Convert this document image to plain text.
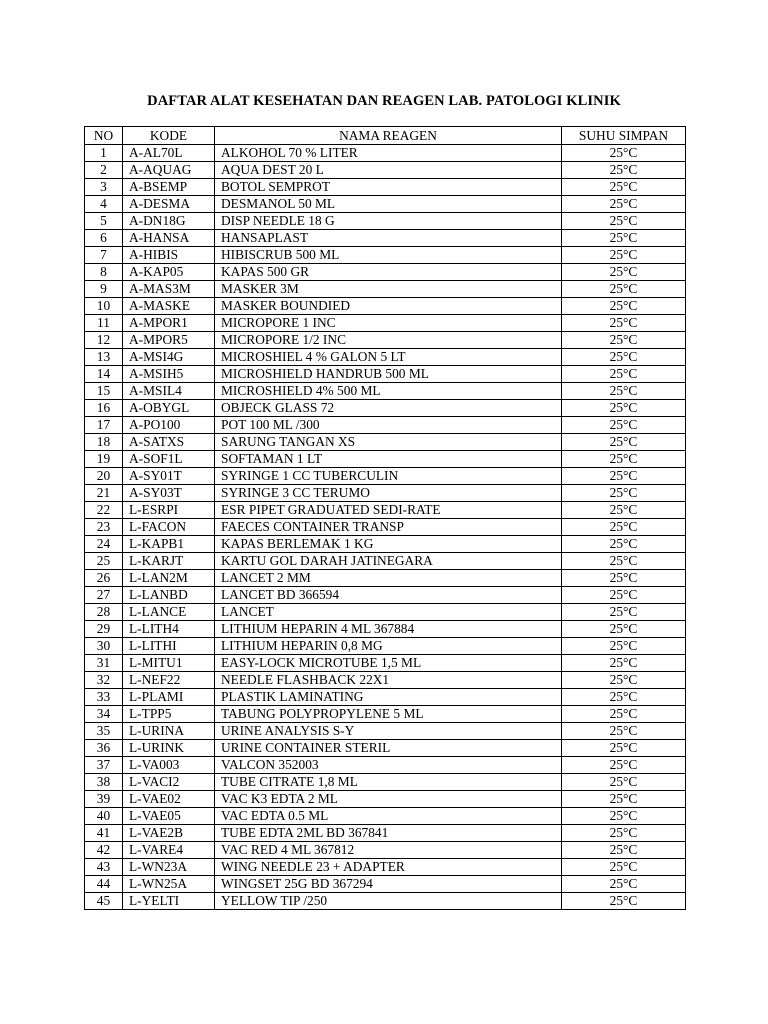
DAFTAR ALAT KESEHATAN DAN REAGEN LAB. PATOLOGI KLINIK
NO	KODE	NAMA REAGEN	SUHU SIMPAN
1	A-AL70L	ALKOHOL 70 % LITER	25°C
2	A-AQUAG	AQUA DEST 20 L	25°C
3	A-BSEMP	BOTOL SEMPROT	25°C
4	A-DESMA	DESMANOL 50 ML	25°C
5	A-DN18G	DISP NEEDLE 18 G	25°C
6	A-HANSA	HANSAPLAST	25°C
7	A-HIBIS	HIBISCRUB 500 ML	25°C
8	A-KAP05	KAPAS 500 GR	25°C
9	A-MAS3M	MASKER 3M	25°C
10	A-MASKE	MASKER BOUNDIED	25°C
11	A-MPOR1	MICROPORE 1 INC	25°C
12	A-MPOR5	MICROPORE 1/2 INC	25°C
13	A-MSI4G	MICROSHIEL 4 % GALON 5 LT	25°C
14	A-MSIH5	MICROSHIELD HANDRUB 500 ML	25°C
15	A-MSIL4	MICROSHIELD 4% 500 ML	25°C
16	A-OBYGL	OBJECK GLASS 72	25°C
17	A-PO100	POT 100 ML /300	25°C
18	A-SATXS	SARUNG TANGAN XS	25°C
19	A-SOF1L	SOFTAMAN 1 LT	25°C
20	A-SY01T	SYRINGE 1 CC TUBERCULIN	25°C
21	A-SY03T	SYRINGE 3 CC TERUMO	25°C
22	L-ESRPI	ESR PIPET GRADUATED SEDI-RATE	25°C
23	L-FACON	FAECES CONTAINER TRANSP	25°C
24	L-KAPB1	KAPAS BERLEMAK 1 KG	25°C
25	L-KARJT	KARTU GOL DARAH JATINEGARA	25°C
26	L-LAN2M	LANCET 2 MM	25°C
27	L-LANBD	LANCET BD 366594	25°C
28	L-LANCE	LANCET	25°C
29	L-LITH4	LITHIUM HEPARIN 4 ML 367884	25°C
30	L-LITHI	LITHIUM HEPARIN 0,8 MG	25°C
31	L-MITU1	EASY-LOCK MICROTUBE 1,5 ML	25°C
32	L-NEF22	NEEDLE FLASHBACK 22X1	25°C
33	L-PLAMI	PLASTIK LAMINATING	25°C
34	L-TPP5	TABUNG POLYPROPYLENE 5 ML	25°C
35	L-URINA	URINE ANALYSIS S-Y	25°C
36	L-URINK	URINE CONTAINER STERIL	25°C
37	L-VA003	VALCON 352003	25°C
38	L-VACI2	TUBE CITRATE 1,8 ML	25°C
39	L-VAE02	VAC K3 EDTA 2 ML	25°C
40	L-VAE05	VAC EDTA 0.5 ML	25°C
41	L-VAE2B	TUBE EDTA 2ML BD 367841	25°C
42	L-VARE4	VAC RED 4 ML 367812	25°C
43	L-WN23A	WING NEEDLE 23 + ADAPTER	25°C
44	L-WN25A	WINGSET 25G BD 367294	25°C
45	L-YELTI	YELLOW TIP /250	25°C
